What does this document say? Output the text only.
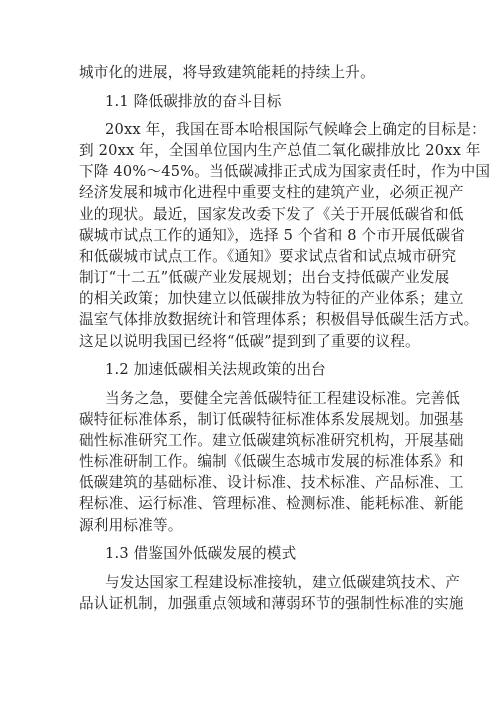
城市化的进展，将导致建筑能耗的持续上升。
1.1 降低碳排放的奋斗目标
20xx 年，我国在哥本哈根国际气候峰会上确定的目标是：
到 20xx 年，全国单位国内生产总值二氧化碳排放比 20xx 年
下降 40%～45%。当低碳减排正式成为国家责任时，作为中国
经济发展和城市化进程中重要支柱的建筑产业，必须正视产
业的现状。最近，国家发改委下发了《关于开展低碳省和低
碳城市试点工作的通知》，选择 5 个省和 8 个市开展低碳省
和低碳城市试点工作。《通知》要求试点省和试点城市研究
制订“十二五”低碳产业发展规划；出台支持低碳产业发展
的相关政策；加快建立以低碳排放为特征的产业体系；建立
温室气体排放数据统计和管理体系；积极倡导低碳生活方式。
这足以说明我国已经将“低碳”提到到了重要的议程。
1.2 加速低碳相关法规政策的出台
当务之急，要健全完善低碳特征工程建设标准。完善低
碳特征标准体系，制订低碳特征标准体系发展规划。加强基
础性标准研究工作。建立低碳建筑标准研究机构，开展基础
性标准研制工作。编制《低碳生态城市发展的标准体系》和
低碳建筑的基础标准、设计标准、技术标准、产品标准、工
程标准、运行标准、管理标准、检测标准、能耗标准、新能
源利用标准等。
1.3 借鉴国外低碳发展的模式
与发达国家工程建设标准接轨，建立低碳建筑技术、产
品认证机制，加强重点领域和薄弱环节的强制性标准的实施
